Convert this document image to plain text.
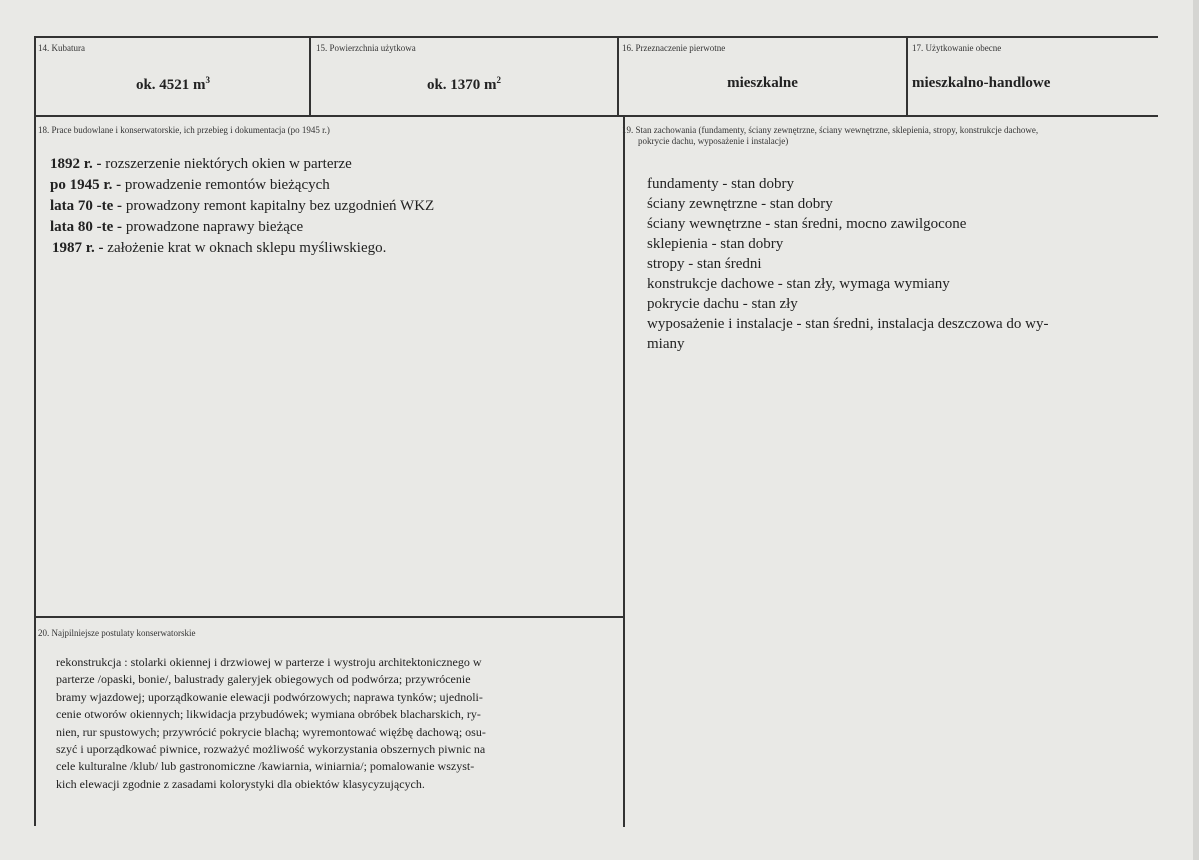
14. Kubatura
ok. 4521 $m^3$
15. Powierzchnia użytkowa
ok. 1370 $m^2$
16. Przeznaczenie pierwotne
mieszkalne
17. Użytkowanie obecne
mieszkalno-handlowe
18. Prace budowlane i konserwatorskie, ich przebieg i dokumentacja (po 1945 r.)
1892 r. - rozszerzenie niektórych okien w parterze
po 1945 r. - prowadzenie remontów bieżących
lata 70 -te - prowadzony remont kapitalny bez uzgodnień WKZ
lata 80 -te - prowadzone naprawy bieżące
1987 r. - założenie krat w oknach sklepu myśliwskiego.
19. Stan zachowania (fundamenty, ściany zewnętrzne, ściany wewnętrzne, sklepienia, stropy, konstrukcje dachowe,
pokrycie dachu, wyposażenie i instalacje)
fundamenty - stan dobry
ściany zewnętrzne - stan dobry
ściany wewnętrzne - stan średni, mocno zawilgocone
sklepienia - stan dobry
stropy - stan średni
konstrukcje dachowe - stan zły, wymaga wymiany
pokrycie dachu - stan zły
wyposażenie i instalacje - stan średni, instalacja deszczowa do wy-
miany
20. Najpilniejsze postulaty konserwatorskie
rekonstrukcja : stolarki okiennej i drzwiowej w parterze i wystroju architektonicznego w
parterze /opaski, bonie/, balustrady galeryjek obiegowych od podwórza; przywrócenie
bramy wjazdowej; uporządkowanie elewacji podwórzowych; naprawa tynków; ujednoli-
cenie otworów okiennych; likwidacja przybudówek; wymiana obróbek blacharskich, ry-
nien, rur spustowych; przywrócić pokrycie blachą; wyremontować więźbę dachową; osu-
szyć i uporządkować piwnice, rozważyć możliwość wykorzystania obszernych piwnic na
cele kulturalne /klub/ lub gastronomiczne /kawiarnia, winiarnia/; pomalowanie wszyst-
kich elewacji zgodnie z zasadami kolorystyki dla obiektów klasycyzujących.
